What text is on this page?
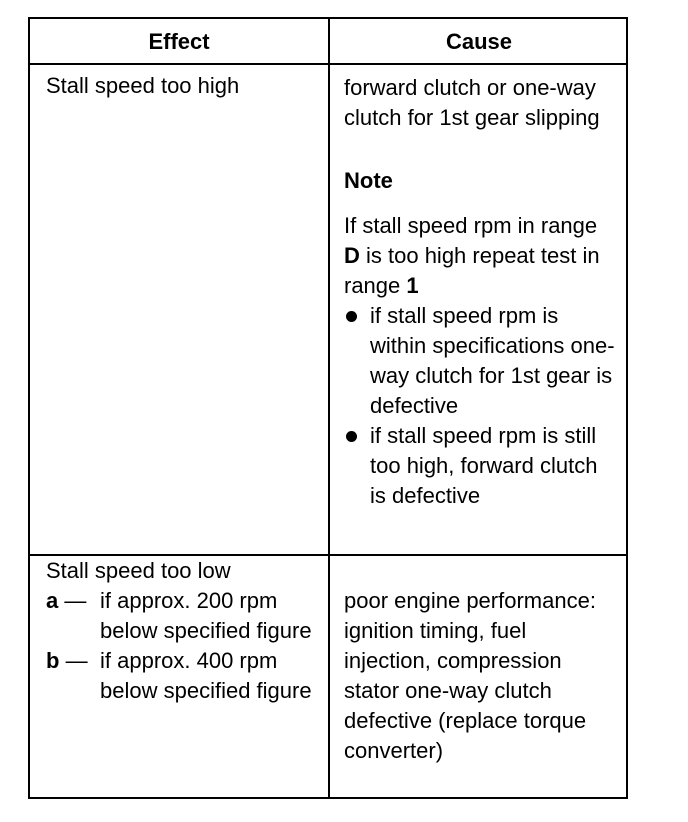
Effect	Cause
Stall speed too high	forward clutch or one-way clutch for 1st gear slipping
Note
If stall speed rpm in range D is too high repeat test in range 1
if stall speed rpm is within specifications one-way clutch for 1st gear is defective
if stall speed rpm is still too high, forward clutch is defective
Stall speed too low
a — if approx. 200 rpm below specified figure
b — if approx. 400 rpm below specified figure
poor engine performance: ignition timing, fuel injection, compression
stator one-way clutch defective (replace torque converter)
